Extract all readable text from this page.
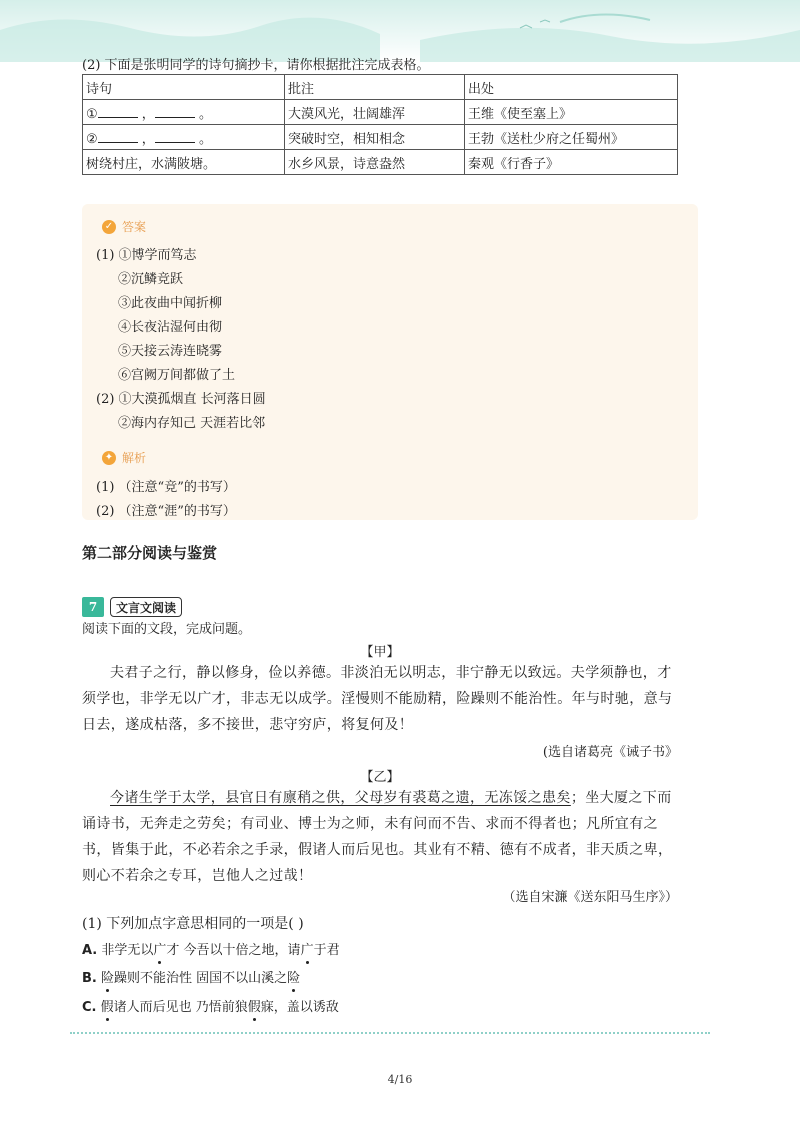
(2) 下面是张明同学的诗句摘抄卡，请你根据批注完成表格。
诗句	批注	出处
① ， 。	大漠风光，壮阔雄浑	王维《使至塞上》
② ， 。	突破时空，相知相念	王勃《送杜少府之任蜀州》
树绕村庄，水满陂塘。	水乡风景，诗意盎然	秦观《行香子》
✓ 答案
(1) ①博学而笃志
②沉鳞竞跃
③此夜曲中闻折柳
④长夜沾湿何由彻
⑤天接云涛连晓雾
⑥宫阙万间都做了土
(2) ①大漠孤烟直 长河落日圆
②海内存知己 天涯若比邻
✦ 解析
(1) （注意“竞”的书写）
(2) （注意“涯”的书写）
第二部分阅读与鉴赏
7	文言文阅读
阅读下面的文段，完成问题。
【甲】
夫君子之行，静以修身，俭以养德。非淡泊无以明志，非宁静无以致远。夫学须静也，才须学也，非学无以广才，非志无以成学。淫慢则不能励精，险躁则不能治性。年与时驰，意与日去，遂成枯落，多不接世，悲守穷庐，将复何及！
(选自诸葛亮《诫子书》
【乙】
今诸生学于太学，县官日有廪稍之供，父母岁有裘葛之遗，无冻馁之患矣；坐大厦之下而诵诗书，无奔走之劳矣；有司业、博士为之师，未有问而不告、求而不得者也；凡所宜有之书，皆集于此，不必若余之手录，假诸人而后见也。其业有不精、德有不成者，非天质之卑，则心不若余之专耳，岂他人之过哉！
（选自宋濂《送东阳马生序》）
(1) 下列加点字意思相同的一项是( )
A. 非学无以广才 今吾以十倍之地，请广于君
B. 险躁则不能治性 固国不以山溪之险
C. 假诸人而后见也 乃悟前狼假寐，盖以诱敌
4/16
